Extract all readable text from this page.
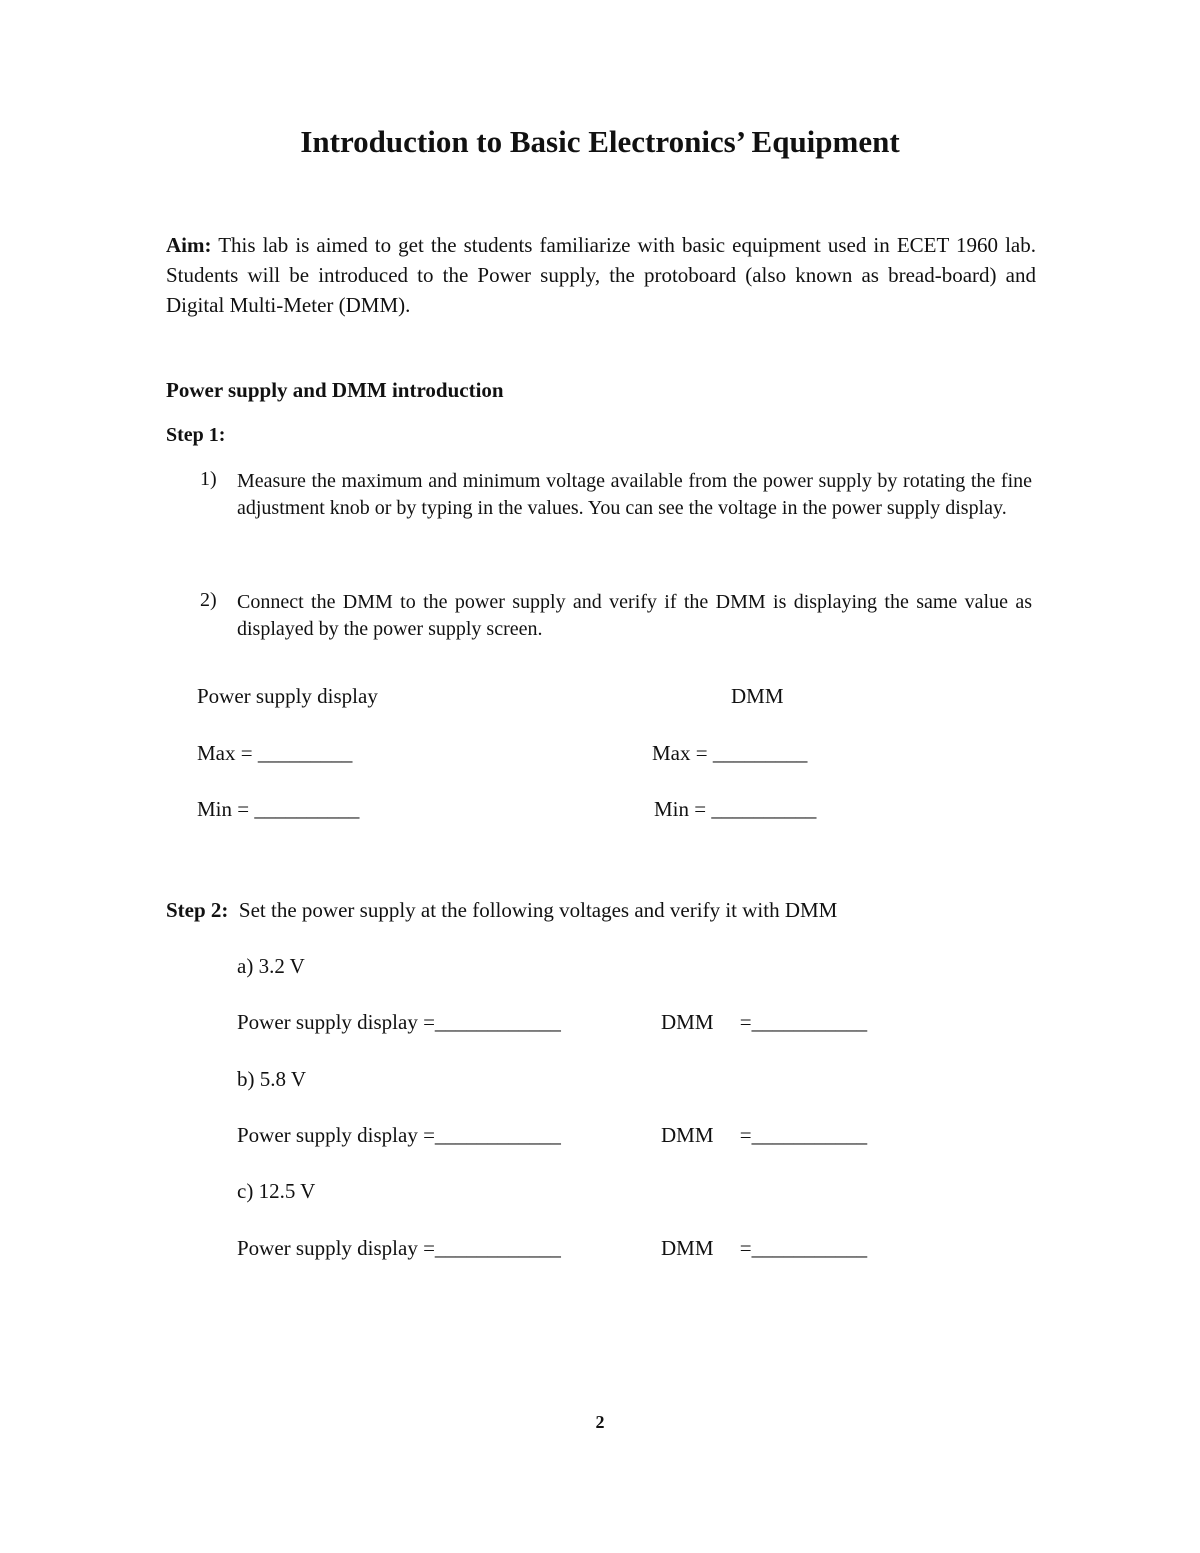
Introduction to Basic Electronics’ Equipment
Aim: This lab is aimed to get the students familiarize with basic equipment used in ECET 1960 lab. Students will be introduced to the Power supply, the protoboard (also known as bread-board) and Digital Multi-Meter (DMM).
Power supply and DMM introduction
Step 1:
1) Measure the maximum and minimum voltage available from the power supply by rotating the fine adjustment knob or by typing in the values. You can see the voltage in the power supply display.
2) Connect the DMM to the power supply and verify if the DMM is displaying the same value as displayed by the power supply screen.
Power supply display	DMM
Max = _________	Max = _________
Min = __________	Min = __________
Step 2:  Set the power supply at the following voltages and verify it with DMM
a) 3.2 V
Power supply display =____________	DMM     =___________
b) 5.8 V
Power supply display =____________	DMM     =___________
c) 12.5 V
Power supply display =____________	DMM     =___________
2
